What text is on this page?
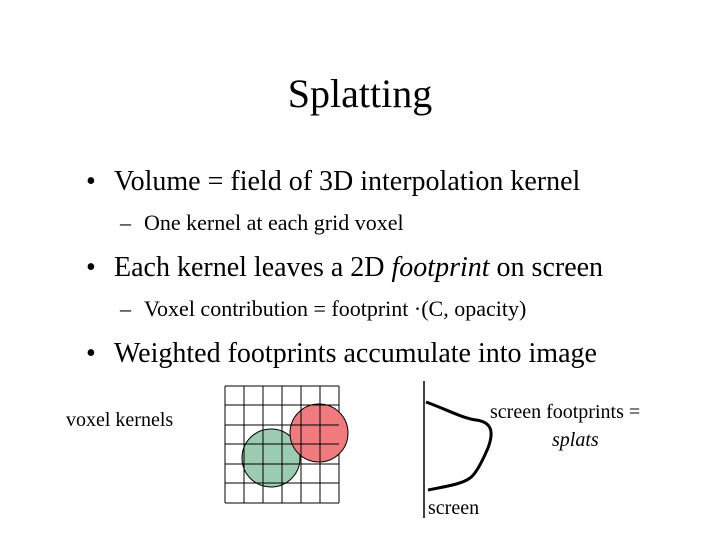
Splatting
• Volume = field of 3D interpolation kernel
– One kernel at each grid voxel
• Each kernel leaves a 2D footprint on screen
– Voxel contribution = footprint ·(C, opacity)
• Weighted footprints accumulate into image
voxel kernels	screen footprints =
splats
screen
